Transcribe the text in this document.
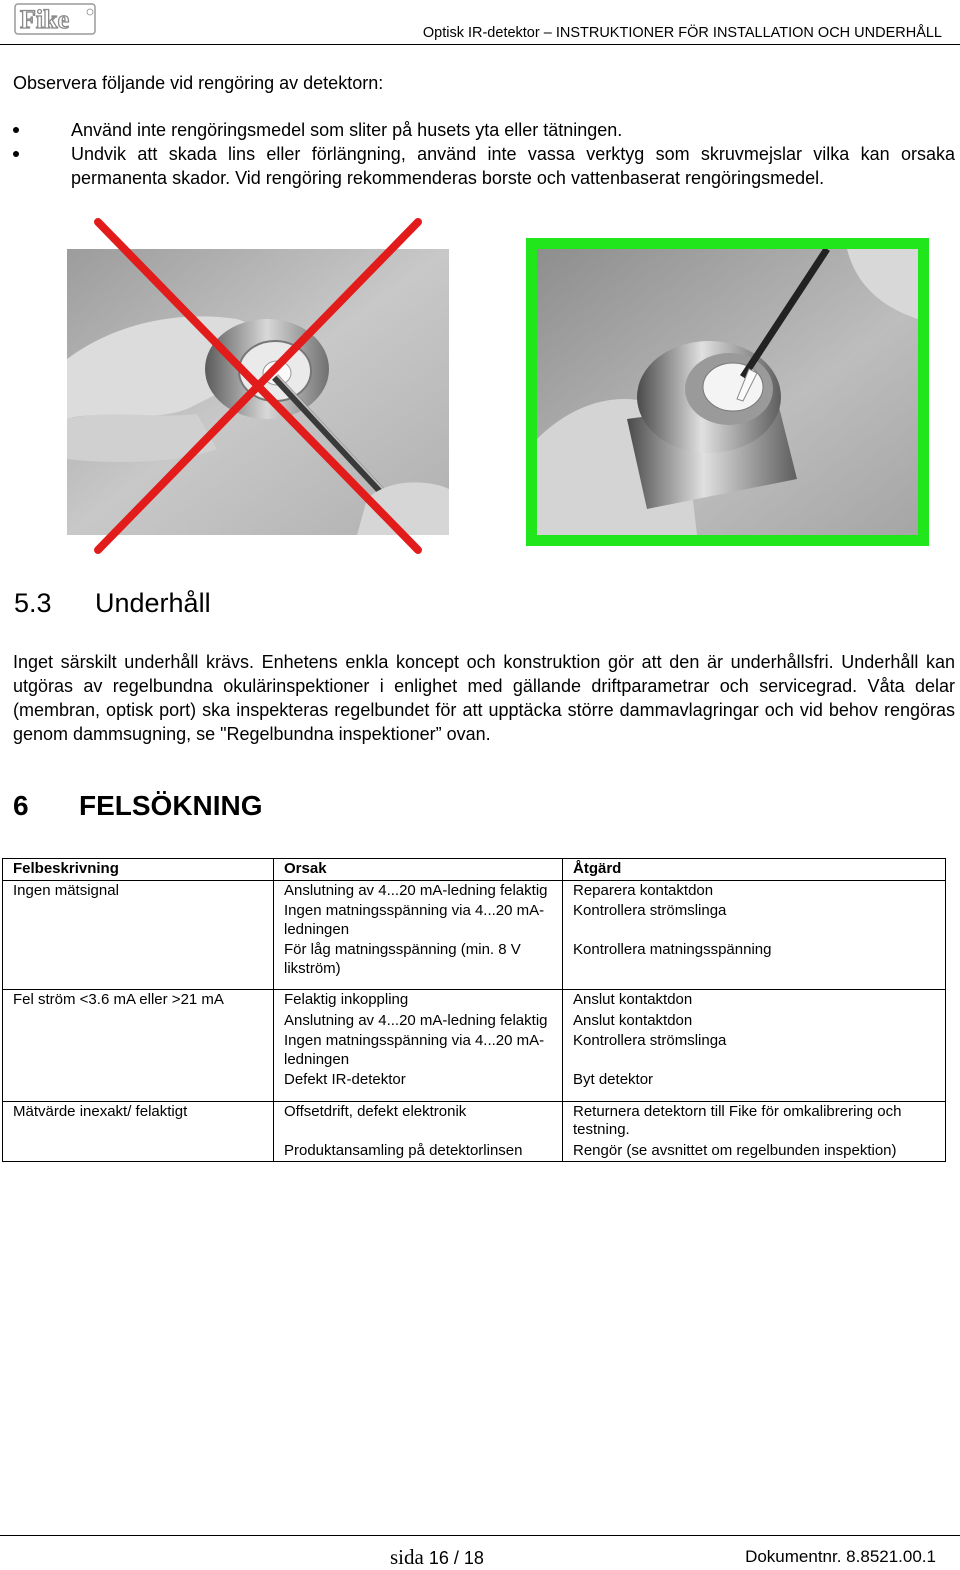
Fike	Optisk IR-detektor – INSTRUKTIONER FÖR INSTALLATION OCH UNDERHÅLL
Observera följande vid rengöring av detektorn:
Använd inte rengöringsmedel som sliter på husets yta eller tätningen.
Undvik att skada lins eller förlängning, använd inte vassa verktyg som skruvmejslar vilka kan orsaka permanenta skador. Vid rengöring rekommenderas borste och vattenbaserat rengöringsmedel.
5.3 Underhåll
Inget särskilt underhåll krävs. Enhetens enkla koncept och konstruktion gör att den är underhållsfri. Underhåll kan utgöras av regelbundna okulärinspektioner i enlighet med gällande driftparametrar och servicegrad. Våta delar (membran, optisk port) ska inspekteras regelbundet för att upptäcka större dammavlagringar och vid behov rengöras genom dammsugning, se "Regelbundna inspektioner” ovan.
6 FELSÖKNING
Felbeskrivning	Orsak	Åtgärd
Ingen mätsignal	Anslutning av 4...20 mA-ledning felaktig	Reparera kontaktdon
	Ingen matningsspänning via 4...20 mA-ledningen	Kontrollera strömslinga
	För låg matningsspänning (min. 8 V likström)	Kontrollera matningsspänning

Fel ström <3.6 mA eller >21 mA	Felaktig inkoppling	Anslut kontaktdon
	Anslutning av 4...20 mA-ledning felaktig	Anslut kontaktdon
	Ingen matningsspänning via 4...20 mA-ledningen	Kontrollera strömslinga
	Defekt IR-detektor	Byt detektor

Mätvärde inexakt/ felaktigt	Offsetdrift, defekt elektronik	Returnera detektorn till Fike för omkalibrering och testning.
	Produktansamling på detektorlinsen	Rengör (se avsnittet om regelbunden inspektion)
sida 16 / 18	Dokumentnr. 8.8521.00.1
